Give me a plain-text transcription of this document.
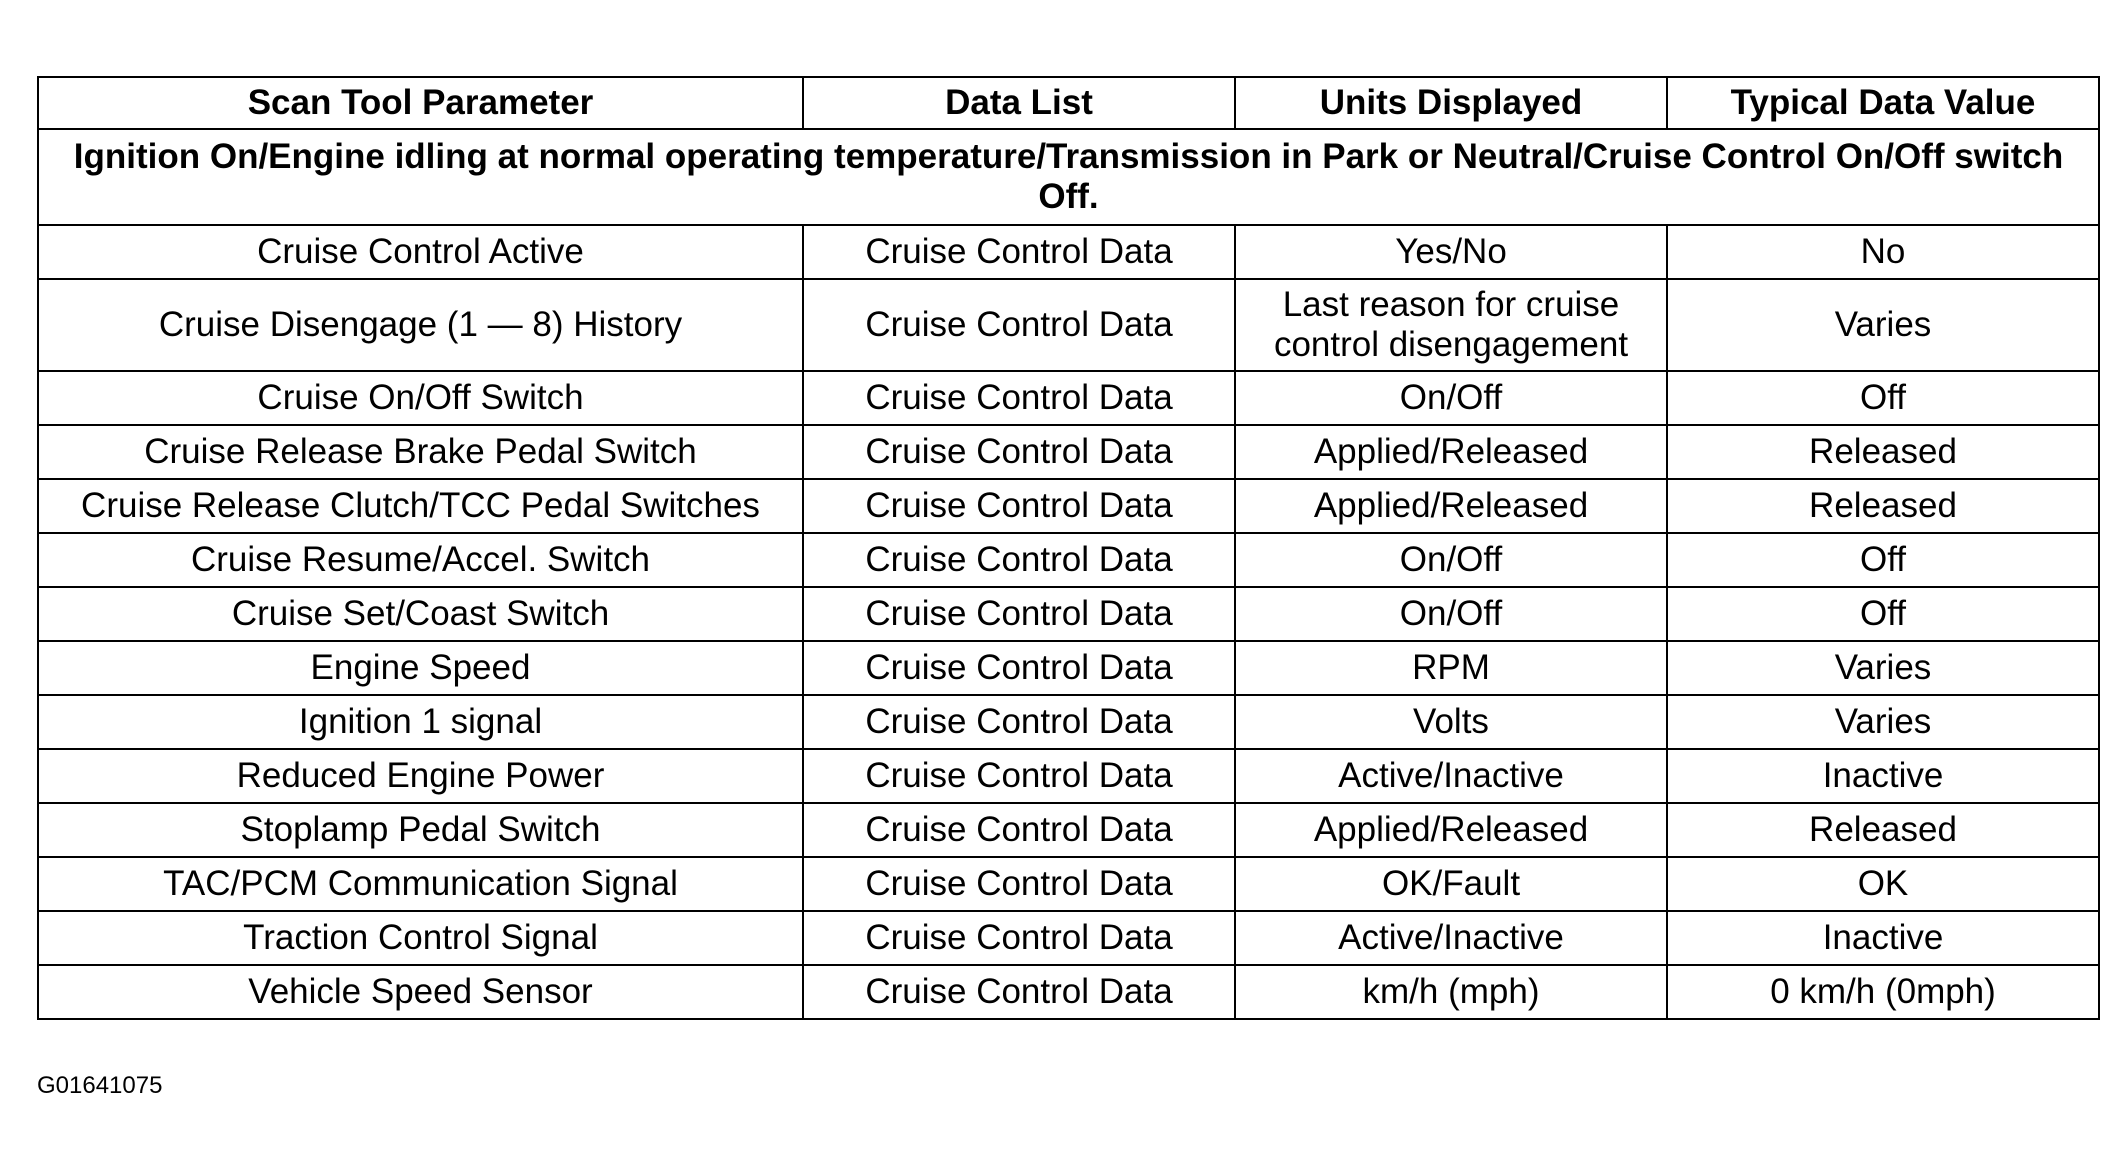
Scan Tool Parameter	Data List	Units Displayed	Typical Data Value
Ignition On/Engine idling at normal operating temperature/Transmission in Park or Neutral/Cruise Control On/Off switch Off.			
Cruise Control Active	Cruise Control Data	Yes/No	No
Cruise Disengage (1 — 8) History	Cruise Control Data	Last reason for cruise control disengagement	Varies
Cruise On/Off Switch	Cruise Control Data	On/Off	Off
Cruise Release Brake Pedal Switch	Cruise Control Data	Applied/Released	Released
Cruise Release Clutch/TCC Pedal Switches	Cruise Control Data	Applied/Released	Released
Cruise Resume/Accel. Switch	Cruise Control Data	On/Off	Off
Cruise Set/Coast Switch	Cruise Control Data	On/Off	Off
Engine Speed	Cruise Control Data	RPM	Varies
Ignition 1 signal	Cruise Control Data	Volts	Varies
Reduced Engine Power	Cruise Control Data	Active/Inactive	Inactive
Stoplamp Pedal Switch	Cruise Control Data	Applied/Released	Released
TAC/PCM Communication Signal	Cruise Control Data	OK/Fault	OK
Traction Control Signal	Cruise Control Data	Active/Inactive	Inactive
Vehicle Speed Sensor	Cruise Control Data	km/h (mph)	0 km/h (0mph)
G01641075
